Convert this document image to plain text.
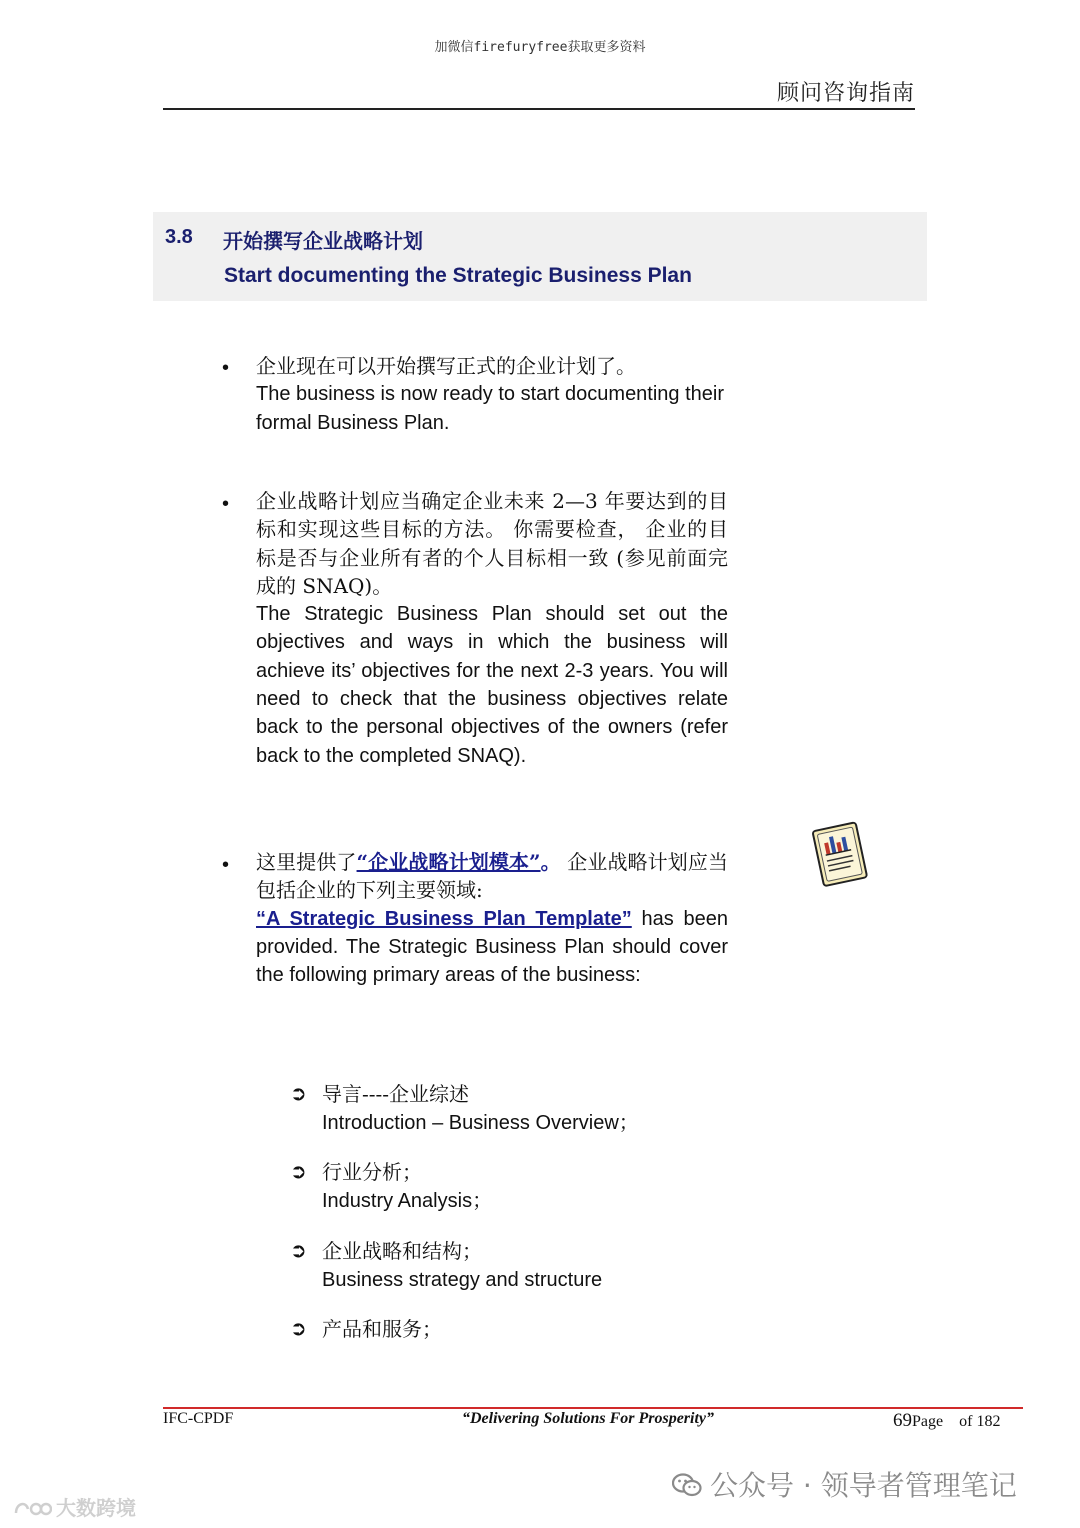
加微信firefuryfree获取更多资料
顾问咨询指南
3.8 开始撰写企业战略计划
Start documenting the Strategic Business Plan
• 企业现在可以开始撰写正式的企业计划了。
The business is now ready to start documenting their formal Business Plan.
• 企业战略计划应当确定企业未来 2—3 年要达到的目标和实现这些目标的方法。 你需要检查， 企业的目标是否与企业所有者的个人目标相一致 (参见前面完成的 SNAQ)。
The Strategic Business Plan should set out the objectives and ways in which the business will achieve its’ objectives for the next 2-3 years. You will need to check that the business objectives relate back to the personal objectives of the owners (refer back to the completed SNAQ).
• 这里提供了“企业战略计划模本”。 企业战略计划应当包括企业的下列主要领域:
“A Strategic Business Plan Template” has been provided. The Strategic Business Plan should cover the following primary areas of the business:
➲ 导言----企业综述
Introduction – Business Overview；
➲ 行业分析；
Industry Analysis；
➲ 企业战略和结构；
Business strategy and structure
➲ 产品和服务；
IFC-CPDF	“Delivering Solutions For Prosperity”	69Page of 182
公众号 · 领导者管理笔记
大数跨境
